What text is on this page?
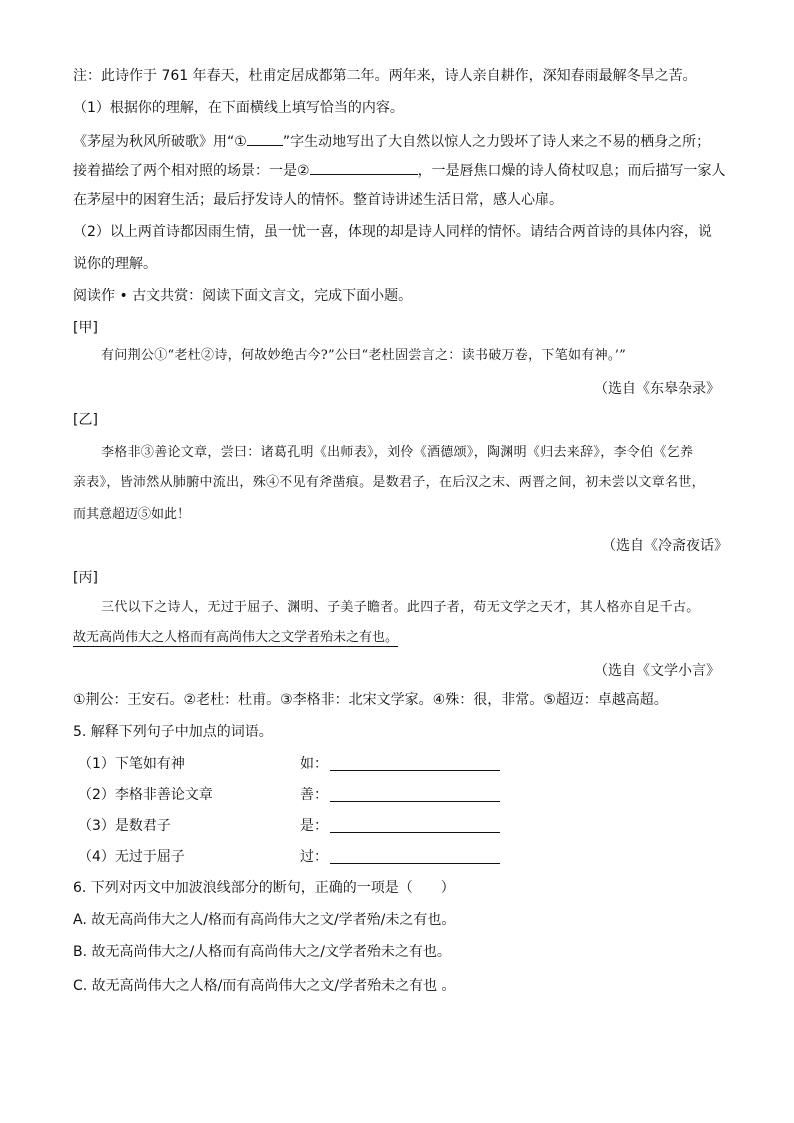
注：此诗作于 761 年春天，杜甫定居成都第二年。两年来，诗人亲自耕作，深知春雨最解冬旱之苦。
（1）根据你的理解，在下面横线上填写恰当的内容。
《茅屋为秋风所破歌》用“①	”字生动地写出了大自然以惊人之力毁坏了诗人来之不易的栖身之所；
接着描绘了两个相对照的场景：一是②	，一是唇焦口燥的诗人倚杖叹息；而后描写一家人
在茅屋中的困窘生活；最后抒发诗人的情怀。整首诗讲述生活日常，感人心扉。
（2）以上两首诗都因雨生情，虽一忧一喜，体现的却是诗人同样的情怀。请结合两首诗的具体内容，说
说你的理解。
阅读作 • 古文共赏：阅读下面文言文，完成下面小题。
[甲]
有问荆公①“老杜②诗，何故妙绝古今?”公曰“老杜固尝言之：读书破万卷，下笔如有神。’”
（选自《东皋杂录》
[乙]
李格非③善论文章，尝曰：诸葛孔明《出师表》，刘伶《酒德颂》，陶渊明《归去来辞》，李令伯《乞养
亲表》，皆沛然从肺腑中流出，殊④不见有斧凿痕。是数君子，在后汉之末、两晋之间，初未尝以文章名世，
而其意超迈⑤如此！
（选自《冷斋夜话》
[丙]
三代以下之诗人，无过于屈子、渊明、子美子瞻者。此四子者，苟无文学之天才，其人格亦自足千古。
故无高尚伟大之人格而有高尚伟大之文学者殆未之有也。
（选自《文学小言》
①荆公：王安石。②老杜：杜甫。③李格非：北宋文学家。④殊：很，非常。⑤超迈：卓越高超。
5. 解释下列句子中加点的词语。
（1）下笔如有神	如：
（2）李格非善论文章	善：
（3）是数君子	是：
（4）无过于屈子	过：
6. 下列对丙文中加波浪线部分的断句，正确的一项是（　　）
A. 故无高尚伟大之人/格而有高尚伟大之文/学者殆/未之有也。
B. 故无高尚伟大之/人格而有高尚伟大之/文学者殆未之有也。
C. 故无高尚伟大之人格/而有高尚伟大之文/学者殆未之有也 。
